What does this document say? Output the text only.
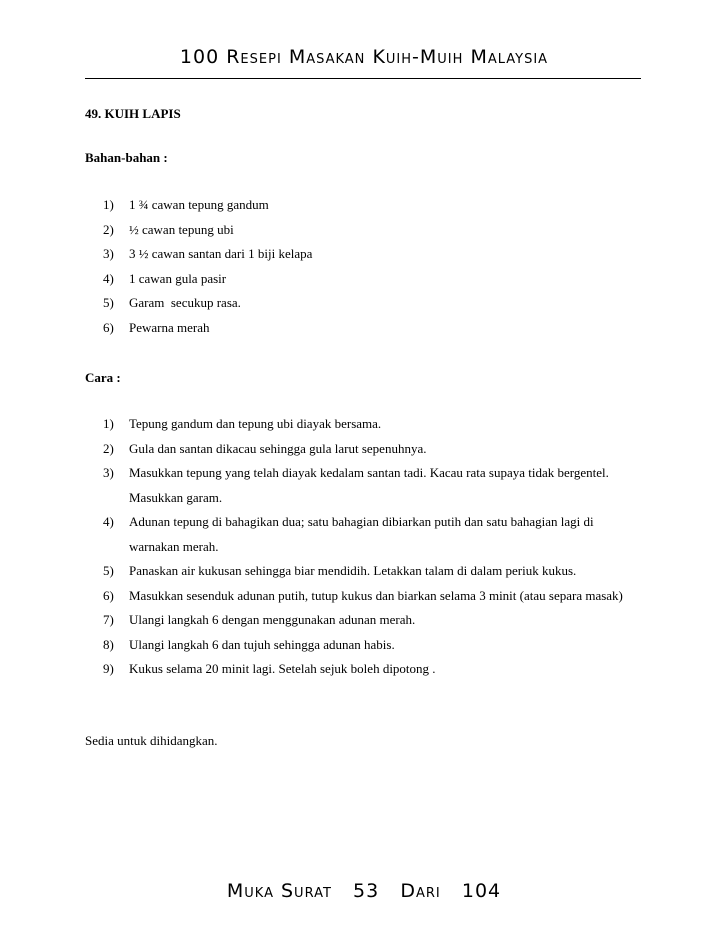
100 Resepi Masakan Kuih-Muih Malaysia
49. KUIH LAPIS
Bahan-bahan :
1) 1 ¾ cawan tepung gandum
2) ½ cawan tepung ubi
3) 3 ½ cawan santan dari 1 biji kelapa
4) 1 cawan gula pasir
5) Garam  secukup rasa.
6) Pewarna merah
Cara :
1) Tepung gandum dan tepung ubi diayak bersama.
2) Gula dan santan dikacau sehingga gula larut sepenuhnya.
3) Masukkan tepung yang telah diayak kedalam santan tadi. Kacau rata supaya tidak bergentel. Masukkan garam.
4) Adunan tepung di bahagikan dua; satu bahagian dibiarkan putih dan satu bahagian lagi di warnakan merah.
5) Panaskan air kukusan sehingga biar mendidih. Letakkan talam di dalam periuk kukus.
6) Masukkan sesenduk adunan putih, tutup kukus dan biarkan selama 3 minit (atau separa masak)
7) Ulangi langkah 6 dengan menggunakan adunan merah.
8) Ulangi langkah 6 dan tujuh sehingga adunan habis.
9) Kukus selama 20 minit lagi. Setelah sejuk boleh dipotong .
Sedia untuk dihidangkan.
Muka Surat 53 Dari 104
